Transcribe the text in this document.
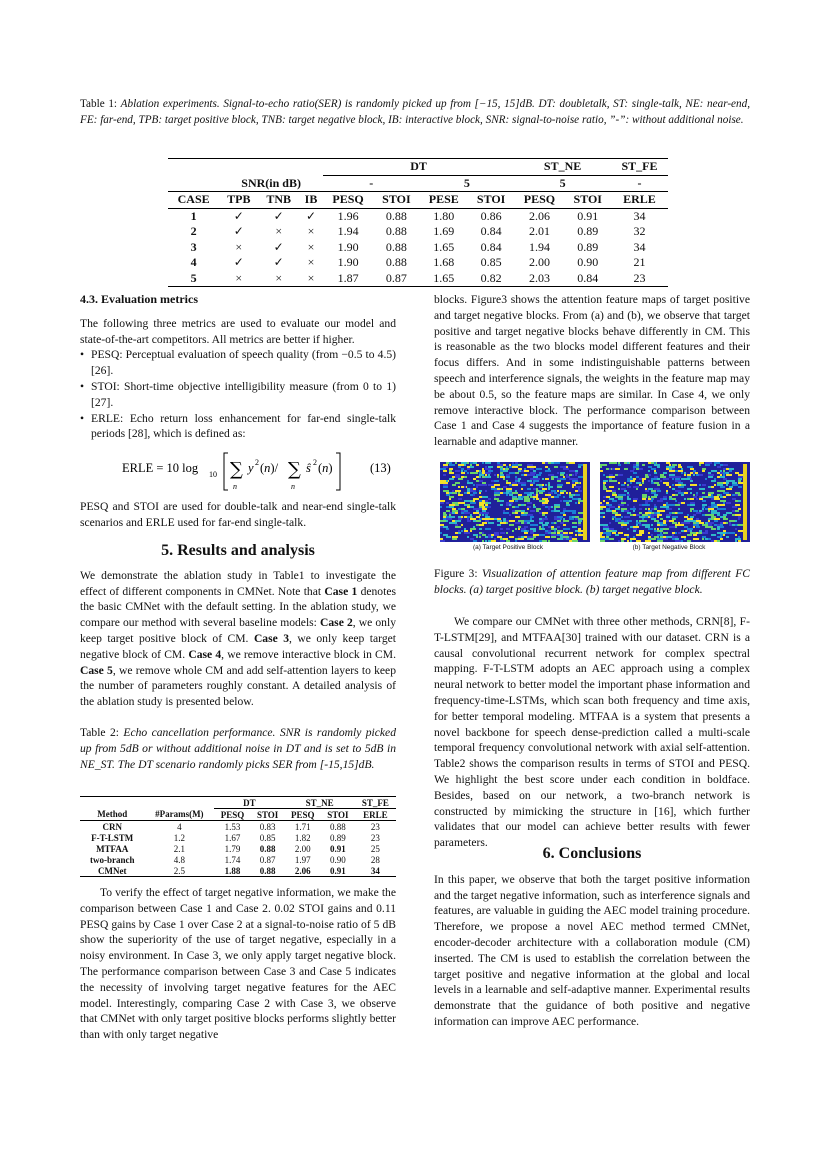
Table 1: Ablation experiments. Signal-to-echo ratio(SER) is randomly picked up from [−15, 15]dB. DT: doubletalk, ST: single-talk, NE: near-end, FE: far-end, TPB: target positive block, TNB: target negative block, IB: interactive block, SNR: signal-to-noise ratio, ”-”: without additional noise.
				DT				ST_NE		ST_FE
	SNR(in dB)			-		5		5		-
CASE	TPB	TNB	IB	PESQ	STOI	PESE	STOI	PESQ	STOI	ERLE
1	✓	✓	✓	1.96	0.88	1.80	0.86	2.06	0.91	34
2	✓	×	×	1.94	0.88	1.69	0.84	2.01	0.89	32
3	×	✓	×	1.90	0.88	1.65	0.84	1.94	0.89	34
4	✓	✓	×	1.90	0.88	1.68	0.85	2.00	0.90	21
5	×	×	×	1.87	0.87	1.65	0.82	2.03	0.84	23
4.3. Evaluation metrics

The following three metrics are used to evaluate our model and state-of-the-art competitors. All metrics are better if higher.

• PESQ: Perceptual evaluation of speech quality (from −0.5 to 4.5) [26].
• STOI: Short-time objective intelligibility measure (from 0 to 1) [27].
• ERLE: Echo return loss enhancement for far-end single-talk periods [28], which is defined as:
ERLE = 10 log 10 ∑
n
y 2 (n)/ ∑
n
ŝ 2 (n)	(13)

PESQ and STOI are used for double-talk and near-end single-talk scenarios and ERLE used for far-end single-talk.

5. Results and analysis

We demonstrate the ablation study in Table1 to investigate the effect of different components in CMNet. Note that Case 1 denotes the basic CMNet with the default setting. In the ablation study, we compare our method with several baseline models: Case 2, we only keep target positive block of CM. Case 3, we only keep target negative block of CM. Case 4, we remove interactive block in CM. Case 5, we remove whole CM and add self-attention layers to keep the number of parameters roughly constant. A detailed analysis of the ablation study is presented below.

Table 2: Echo cancellation performance. SNR is randomly picked up from 5dB or without additional noise in DT and is set to 5dB in NE_ST. The DT scenario randomly picks SER from [-15,15]dB.
		DT		ST_NE		ST_FE
Method	#Params(M)	PESQ	STOI	PESQ	STOI	ERLE
CRN	4	1.53	0.83	1.71	0.88	23
F-T-LSTM	1.2	1.67	0.85	1.82	0.89	23
MTFAA	2.1	1.79	0.88	2.00	0.91	25
two-branch	4.8	1.74	0.87	1.97	0.90	28
CMNet	2.5	1.88	0.88	2.06	0.91	34

To verify the effect of target negative information, we make the comparison between Case 1 and Case 2. 0.02 STOI gains and 0.11 PESQ gains by Case 1 over Case 2 at a signal-to-noise ratio of 5 dB show the superiority of the use of target negative, especially in a noisy environment. In Case 3, we only apply target negative block. The performance comparison between Case 3 and Case 5 indicates the necessity of involving target negative features for the AEC model. Interestingly, comparing Case 2 with Case 3, we observe that CMNet with only target positive blocks performs slightly better than with only target negative

blocks. Figure3 shows the attention feature maps of target positive and target negative blocks. From (a) and (b), we observe that target positive and target negative blocks behave differently in CM. This is reasonable as the two blocks model different features and their focus differs. And in some indistinguishable patterns between speech and interference signals, the weights in the feature map may be about 0.5, so the feature maps are similar. In Case 4, we only remove interactive block. The performance comparison between Case 1 and Case 4 suggests the importance of feature fusion in a learnable and adaptive manner.

(a) Target Positive Block	(b) Target Negative Block
Figure 3: Visualization of attention feature map from different FC blocks. (a) target positive block. (b) target negative block.

We compare our CMNet with three other methods, CRN[8], F-T-LSTM[29], and MTFAA[30] trained with our dataset. CRN is a causal convolutional recurrent network for complex spectral mapping. F-T-LSTM adopts an AEC approach using a complex neural network to better model the important phase information and frequency-time-LSTMs, which scan both frequency and time axis, for better temporal modeling. MTFAA is a system that presents a novel backbone for speech dense-prediction called a multi-scale temporal frequency convolutional network with axial self-attention. Table2 shows the comparison results in terms of STOI and PESQ. We highlight the best score under each condition in boldface. Besides, based on our network, a two-branch network is constructed by mimicking the structure in [16], which further validates that our model can achieve better results with fewer parameters.

6. Conclusions

In this paper, we observe that both the target positive information and the target negative information, such as interference signals and features, are valuable in guiding the AEC model training procedure. Therefore, we propose a novel AEC method termed CMNet, encoder-decoder architecture with a collaboration module (CM) inserted. The CM is used to establish the correlation between the target positive and negative information at the global and local levels in a learnable and self-adaptive manner. Experimental results demonstrate that the guidance of both positive and negative information can improve AEC performance.
